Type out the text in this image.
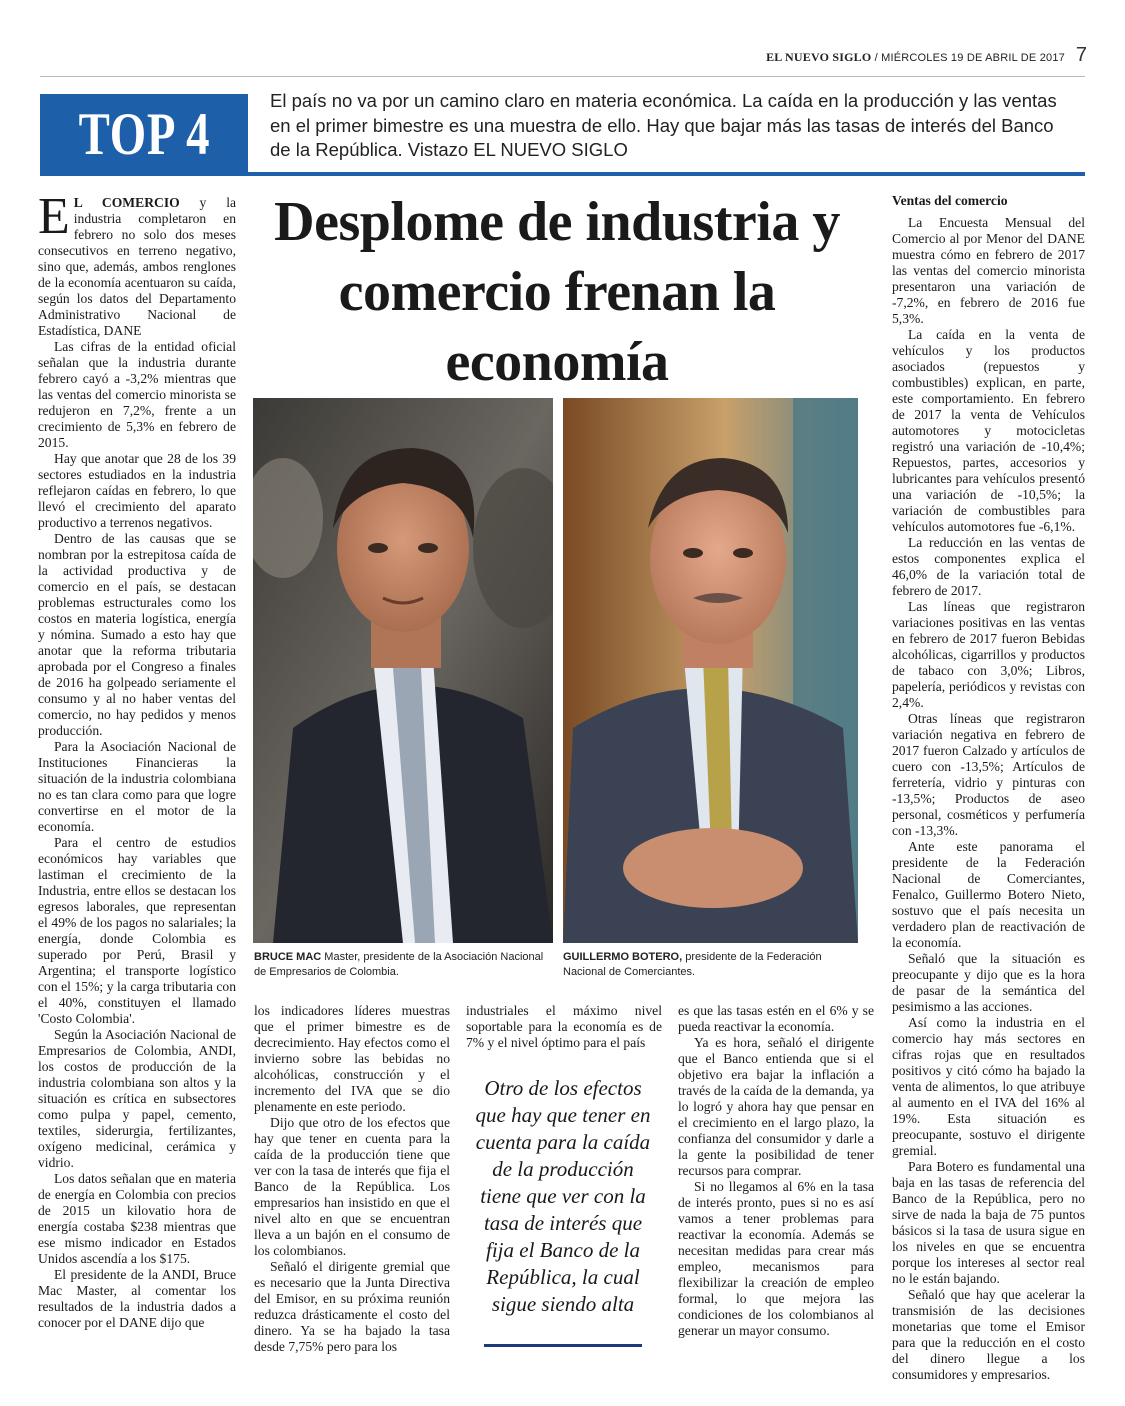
EL NUEVO SIGLO / MIÉRCOLES 19 DE ABRIL DE 2017 7
TOP 4	El país no va por un camino claro en materia económica. La caída en la producción y las ventas en el primer bimestre es una muestra de ello. Hay que bajar más las tasas de interés del Banco de la República. Vistazo EL NUEVO SIGLO
Desplome de industria y comercio frenan la economía

E L COMERCIO y la industria completaron en febrero no solo dos meses consecutivos en terreno negativo, sino que, además, ambos renglones de la economía acentuaron su caída, según los datos del Departamento Administrativo Nacional de Estadística, DANE

Las cifras de la entidad oficial señalan que la industria durante febrero cayó a -3,2% mientras que las ventas del comercio minorista se redujeron en 7,2%, frente a un crecimiento de 5,3% en febrero de 2015.

Hay que anotar que 28 de los 39 sectores estudiados en la industria reflejaron caídas en febrero, lo que llevó el crecimiento del aparato productivo a terrenos negativos.

Dentro de las causas que se nombran por la estrepitosa caída de la actividad productiva y de comercio en el país, se destacan problemas estructurales como los costos en materia logística, energía y nómina. Sumado a esto hay que anotar que la reforma tributaria aprobada por el Congreso a finales de 2016 ha golpeado seriamente el consumo y al no haber ventas del comercio, no hay pedidos y menos producción.

Para la Asociación Nacional de Instituciones Financieras la situación de la industria colombiana no es tan clara como para que logre convertirse en el motor de la economía.

Para el centro de estudios económicos hay variables que lastiman el crecimiento de la Industria, entre ellos se destacan los egresos laborales, que representan el 49% de los pagos no salariales; la energía, donde Colombia es superado por Perú, Brasil y Argentina; el transporte logístico con el 15%; y la carga tributaria con el 40%, constituyen el llamado 'Costo Colombia'.

Según la Asociación Nacional de Empresarios de Colombia, ANDI, los costos de producción de la industria colombiana son altos y la situación es crítica en subsectores como pulpa y papel, cemento, textiles, siderurgia, fertilizantes, oxígeno medicinal, cerámica y vidrio.

Los datos señalan que en materia de energía en Colombia con precios de 2015 un kilovatio hora de energía costaba $238 mientras que ese mismo indicador en Estados Unidos ascendía a los $175.

El presidente de la ANDI, Bruce Mac Master, al comentar los resultados de la industria dados a conocer por el DANE dijo que

BRUCE MAC Master, presidente de la Asociación Nacional de Empresarios de Colombia.
GUILLERMO BOTERO, presidente de la Federación Nacional de Comerciantes.

los indicadores líderes muestras que el primer bimestre es de decrecimiento. Hay efectos como el invierno sobre las bebidas no alcohólicas, construcción y el incremento del IVA que se dio plenamente en este periodo.

Dijo que otro de los efectos que hay que tener en cuenta para la caída de la producción tiene que ver con la tasa de interés que fija el Banco de la República. Los empresarios han insistido en que el nivel alto en que se encuentran lleva a un bajón en el consumo de los colombianos.

Señaló el dirigente gremial que es necesario que la Junta Directiva del Emisor, en su próxima reunión reduzca drásticamente el costo del dinero. Ya se ha bajado la tasa desde 7,75% pero para los

industriales el máximo nivel soportable para la economía es de 7% y el nivel óptimo para el país

Otro de los efectos que hay que tener en cuenta para la caída de la producción tiene que ver con la tasa de interés que fija el Banco de la República, la cual sigue siendo alta

es que las tasas estén en el 6% y se pueda reactivar la economía.

Ya es hora, señaló el dirigente que el Banco entienda que si el objetivo era bajar la inflación a través de la caída de la demanda, ya lo logró y ahora hay que pensar en el crecimiento en el largo plazo, la confianza del consumidor y darle a la gente la posibilidad de tener recursos para comprar.

Si no llegamos al 6% en la tasa de interés pronto, pues si no es así vamos a tener problemas para reactivar la economía. Además se necesitan medidas para crear más empleo, mecanismos para flexibilizar la creación de empleo formal, lo que mejora las condiciones de los colombianos al generar un mayor consumo.

Ventas del comercio

La Encuesta Mensual del Comercio al por Menor del DANE muestra cómo en febrero de 2017 las ventas del comercio minorista presentaron una variación de -7,2%, en febrero de 2016 fue 5,3%.

La caída en la venta de vehículos y los productos asociados (repuestos y combustibles) explican, en parte, este comportamiento. En febrero de 2017 la venta de Vehículos automotores y motocicletas registró una variación de -10,4%; Repuestos, partes, accesorios y lubricantes para vehículos presentó una variación de -10,5%; la variación de combustibles para vehículos automotores fue -6,1%.

La reducción en las ventas de estos componentes explica el 46,0% de la variación total de febrero de 2017.

Las líneas que registraron variaciones positivas en las ventas en febrero de 2017 fueron Bebidas alcohólicas, cigarrillos y productos de tabaco con 3,0%; Libros, papelería, periódicos y revistas con 2,4%.

Otras líneas que registraron variación negativa en febrero de 2017 fueron Calzado y artículos de cuero con -13,5%; Artículos de ferretería, vidrio y pinturas con -13,5%; Productos de aseo personal, cosméticos y perfumería con -13,3%.

Ante este panorama el presidente de la Federación Nacional de Comerciantes, Fenalco, Guillermo Botero Nieto, sostuvo que el país necesita un verdadero plan de reactivación de la economía.

Señaló que la situación es preocupante y dijo que es la hora de pasar de la semántica del pesimismo a las acciones.

Así como la industria en el comercio hay más sectores en cifras rojas que en resultados positivos y citó cómo ha bajado la venta de alimentos, lo que atribuye al aumento en el IVA del 16% al 19%. Esta situación es preocupante, sostuvo el dirigente gremial.

Para Botero es fundamental una baja en las tasas de referencia del Banco de la República, pero no sirve de nada la baja de 75 puntos básicos si la tasa de usura sigue en los niveles en que se encuentra porque los intereses al sector real no le están bajando.

Señaló que hay que acelerar la transmisión de las decisiones monetarias que tome el Emisor para que la reducción en el costo del dinero llegue a los consumidores y empresarios.
